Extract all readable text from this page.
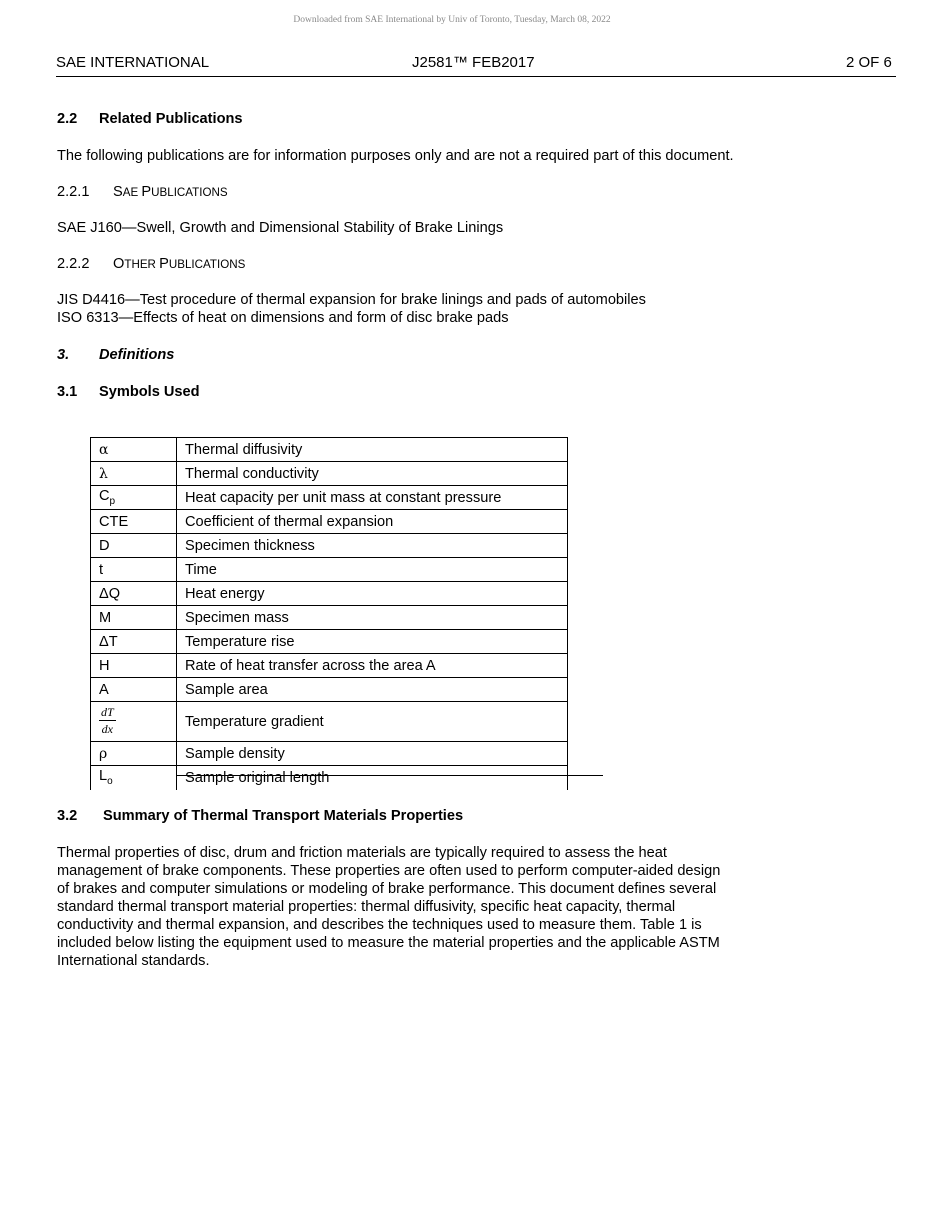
Downloaded from SAE International by Univ of Toronto, Tuesday, March 08, 2022
SAE INTERNATIONAL	J2581™ FEB2017	2 OF 6
2.2 Related Publications
The following publications are for information purposes only and are not a required part of this document.
2.2.1 SAE PUBLICATIONS
SAE J160—Swell, Growth and Dimensional Stability of Brake Linings
2.2.2 OTHER PUBLICATIONS
JIS D4416—Test procedure of thermal expansion for brake linings and pads of automobiles
ISO 6313—Effects of heat on dimensions and form of disc brake pads
3. Definitions
3.1 Symbols Used
α	Thermal diffusivity
λ	Thermal conductivity
$C_p$	Heat capacity per unit mass at constant pressure
CTE	Coefficient of thermal expansion
D	Specimen thickness
t	Time
ΔQ	Heat energy
M	Specimen mass
ΔT	Temperature rise
H	Rate of heat transfer across the area A
A	Sample area

$\frac{dT}{dx}$	Temperature gradient
ρ	Sample density
$L_o$	Sample original length
3.2 Summary of Thermal Transport Materials Properties
Thermal properties of disc, drum and friction materials are typically required to assess the heat
management of brake components. These properties are often used to perform computer-aided design
of brakes and computer simulations or modeling of brake performance. This document defines several
standard thermal transport material properties: thermal diffusivity, specific heat capacity, thermal
conductivity and thermal expansion, and describes the techniques used to measure them. Table 1 is
included below listing the equipment used to measure the material properties and the applicable ASTM
International standards.
